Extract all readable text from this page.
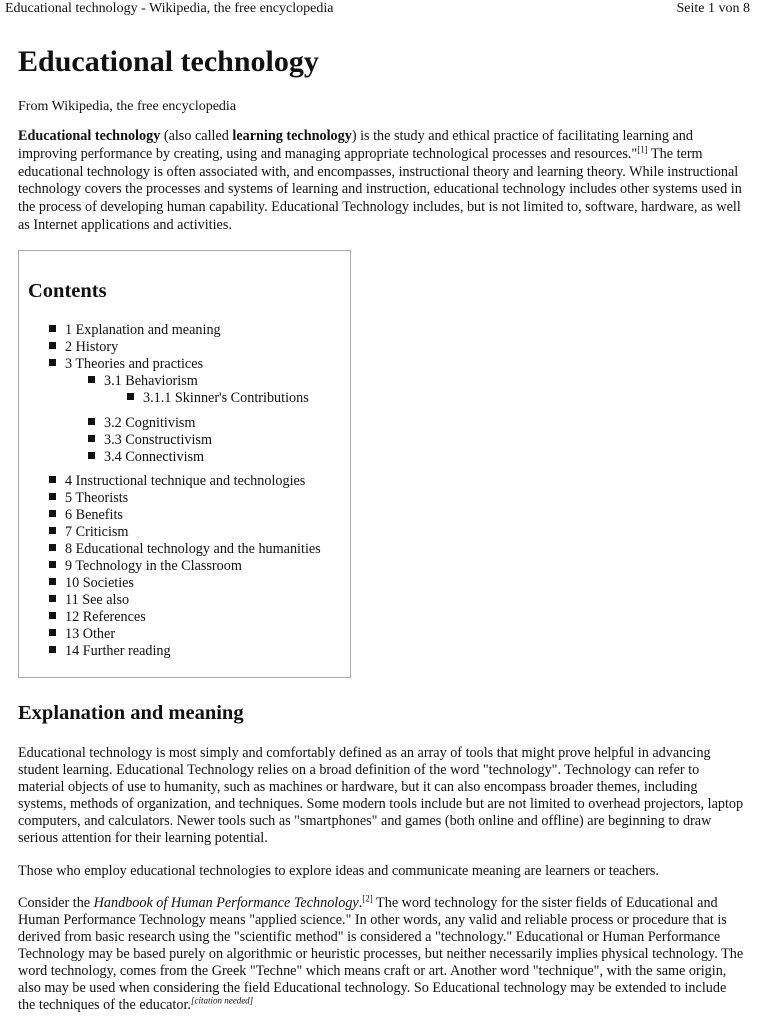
Educational technology - Wikipedia, the free encyclopedia	Seite 1 von 8
Educational technology
From Wikipedia, the free encyclopedia
Educational technology (also called learning technology) is the study and ethical practice of facilitating learning and improving performance by creating, using and managing appropriate technological processes and resources."[1] The term educational technology is often associated with, and encompasses, instructional theory and learning theory. While instructional technology covers the processes and systems of learning and instruction, educational technology includes other systems used in the process of developing human capability. Educational Technology includes, but is not limited to, software, hardware, as well as Internet applications and activities.
Contents
1 Explanation and meaning
2 History
3 Theories and practices
3.1 Behaviorism
3.1.1 Skinner's Contributions
3.2 Cognitivism
3.3 Constructivism
3.4 Connectivism
4 Instructional technique and technologies
5 Theorists
6 Benefits
7 Criticism
8 Educational technology and the humanities
9 Technology in the Classroom
10 Societies
11 See also
12 References
13 Other
14 Further reading
Explanation and meaning

Educational technology is most simply and comfortably defined as an array of tools that might prove helpful in advancing student learning. Educational Technology relies on a broad definition of the word "technology". Technology can refer to material objects of use to humanity, such as machines or hardware, but it can also encompass broader themes, including systems, methods of organization, and techniques. Some modern tools include but are not limited to overhead projectors, laptop computers, and calculators. Newer tools such as "smartphones" and games (both online and offline) are beginning to draw serious attention for their learning potential.

Those who employ educational technologies to explore ideas and communicate meaning are learners or teachers.

Consider the Handbook of Human Performance Technology.[2] The word technology for the sister fields of Educational and Human Performance Technology means "applied science." In other words, any valid and reliable process or procedure that is derived from basic research using the "scientific method" is considered a "technology." Educational or Human Performance Technology may be based purely on algorithmic or heuristic processes, but neither necessarily implies physical technology. The word technology, comes from the Greek "Techne" which means craft or art. Another word "technique", with the same origin, also may be used when considering the field Educational technology. So Educational technology may be extended to include the techniques of the educator.[citation needed]
